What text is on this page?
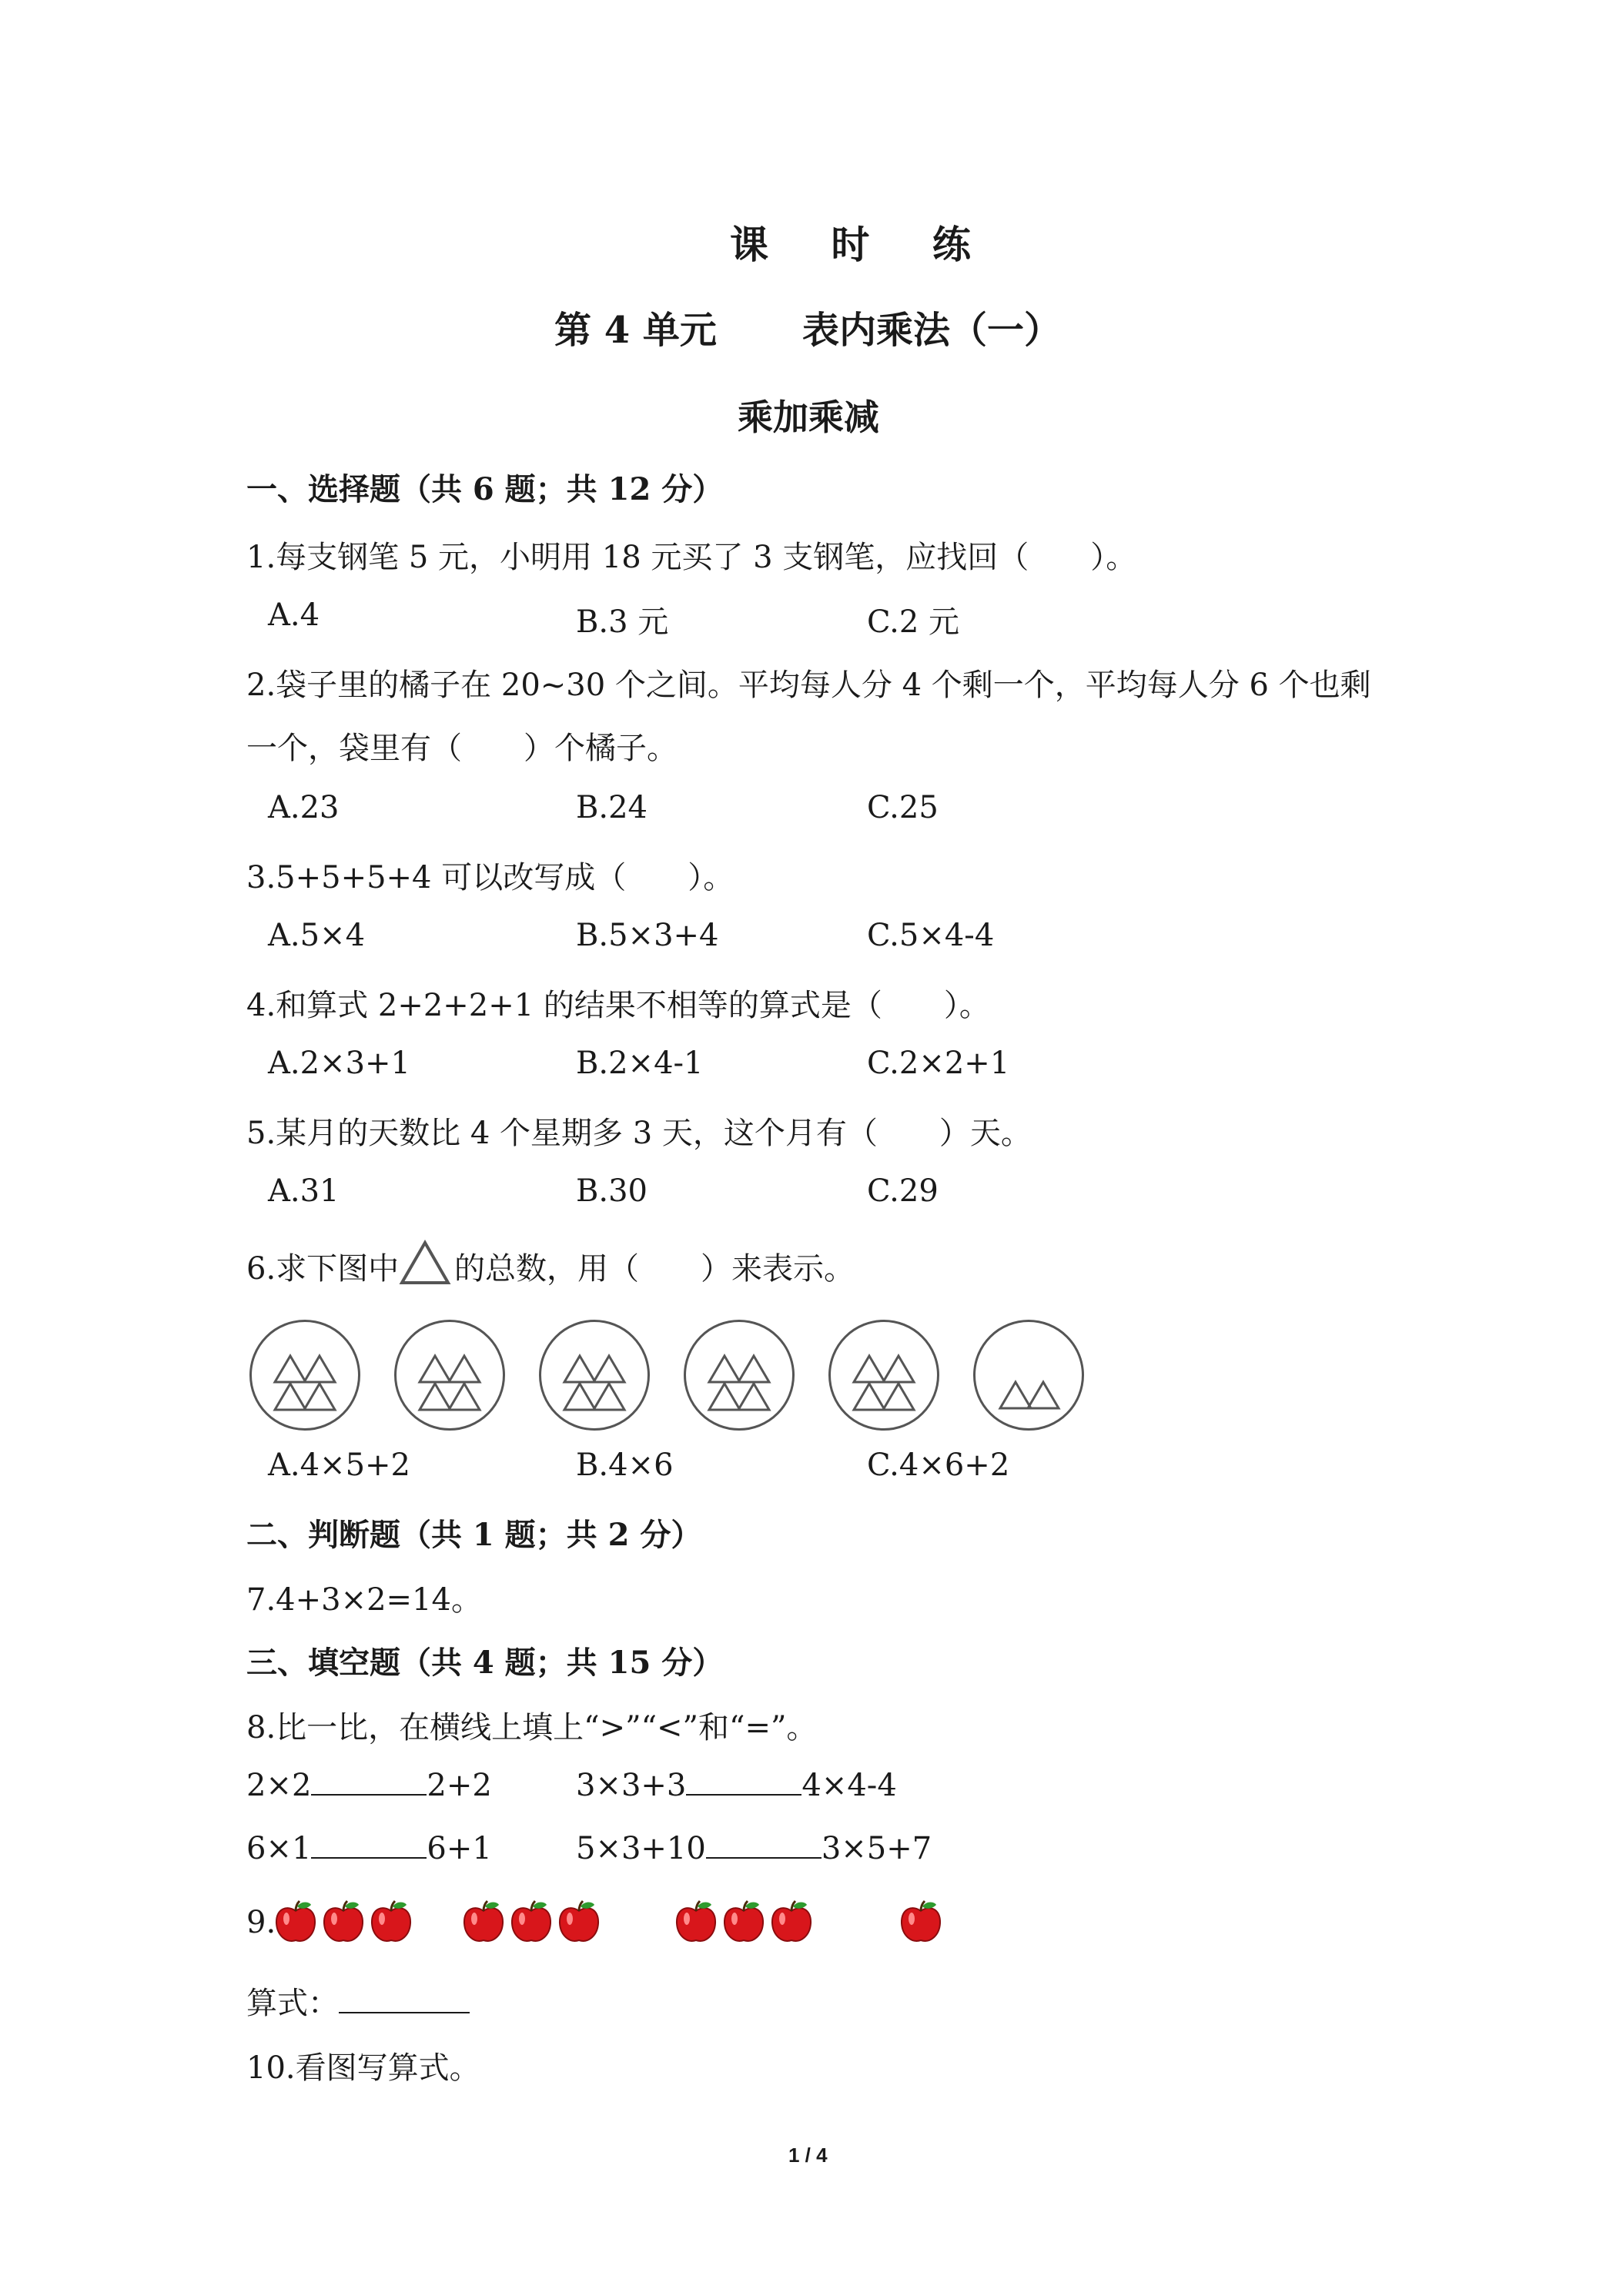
课 时 练
第 4 单元 表内乘法（一）
乘加乘减
一、选择题（共 6 题；共 12 分）
1.每支钢笔 5 元，小明用 18 元买了 3 支钢笔，应找回（　　）。
A.4	B.3 元	C.2 元
2.袋子里的橘子在 20~30 个之间。平均每人分 4 个剩一个，平均每人分 6 个也剩
一个，袋里有（　　）个橘子。
A.23	B.24	C.25
3.5+5+5+4 可以改写成（　　）。
A.5×4	B.5×3+4	C.5×4-4
4.和算式 2+2+2+1 的结果不相等的算式是（　　）。
A.2×3+1	B.2×4-1	C.2×2+1
5.某月的天数比 4 个星期多 3 天，这个月有（　　）天。
A.31	B.30	C.29
6.求下图中 的总数，用（　　）来表示。
A.4×5+2	B.4×6	C.4×6+2
二、判断题（共 1 题；共 2 分）
7.4+3×2=14。
三、填空题（共 4 题；共 15 分）
8.比一比，在横线上填上“>”“<”和“=”。
2×2	2+2	3×3+3	4×4-4
6×1	6+1	5×3+10	3×5+7
9.
算式：
10.看图写算式。
1 / 4
